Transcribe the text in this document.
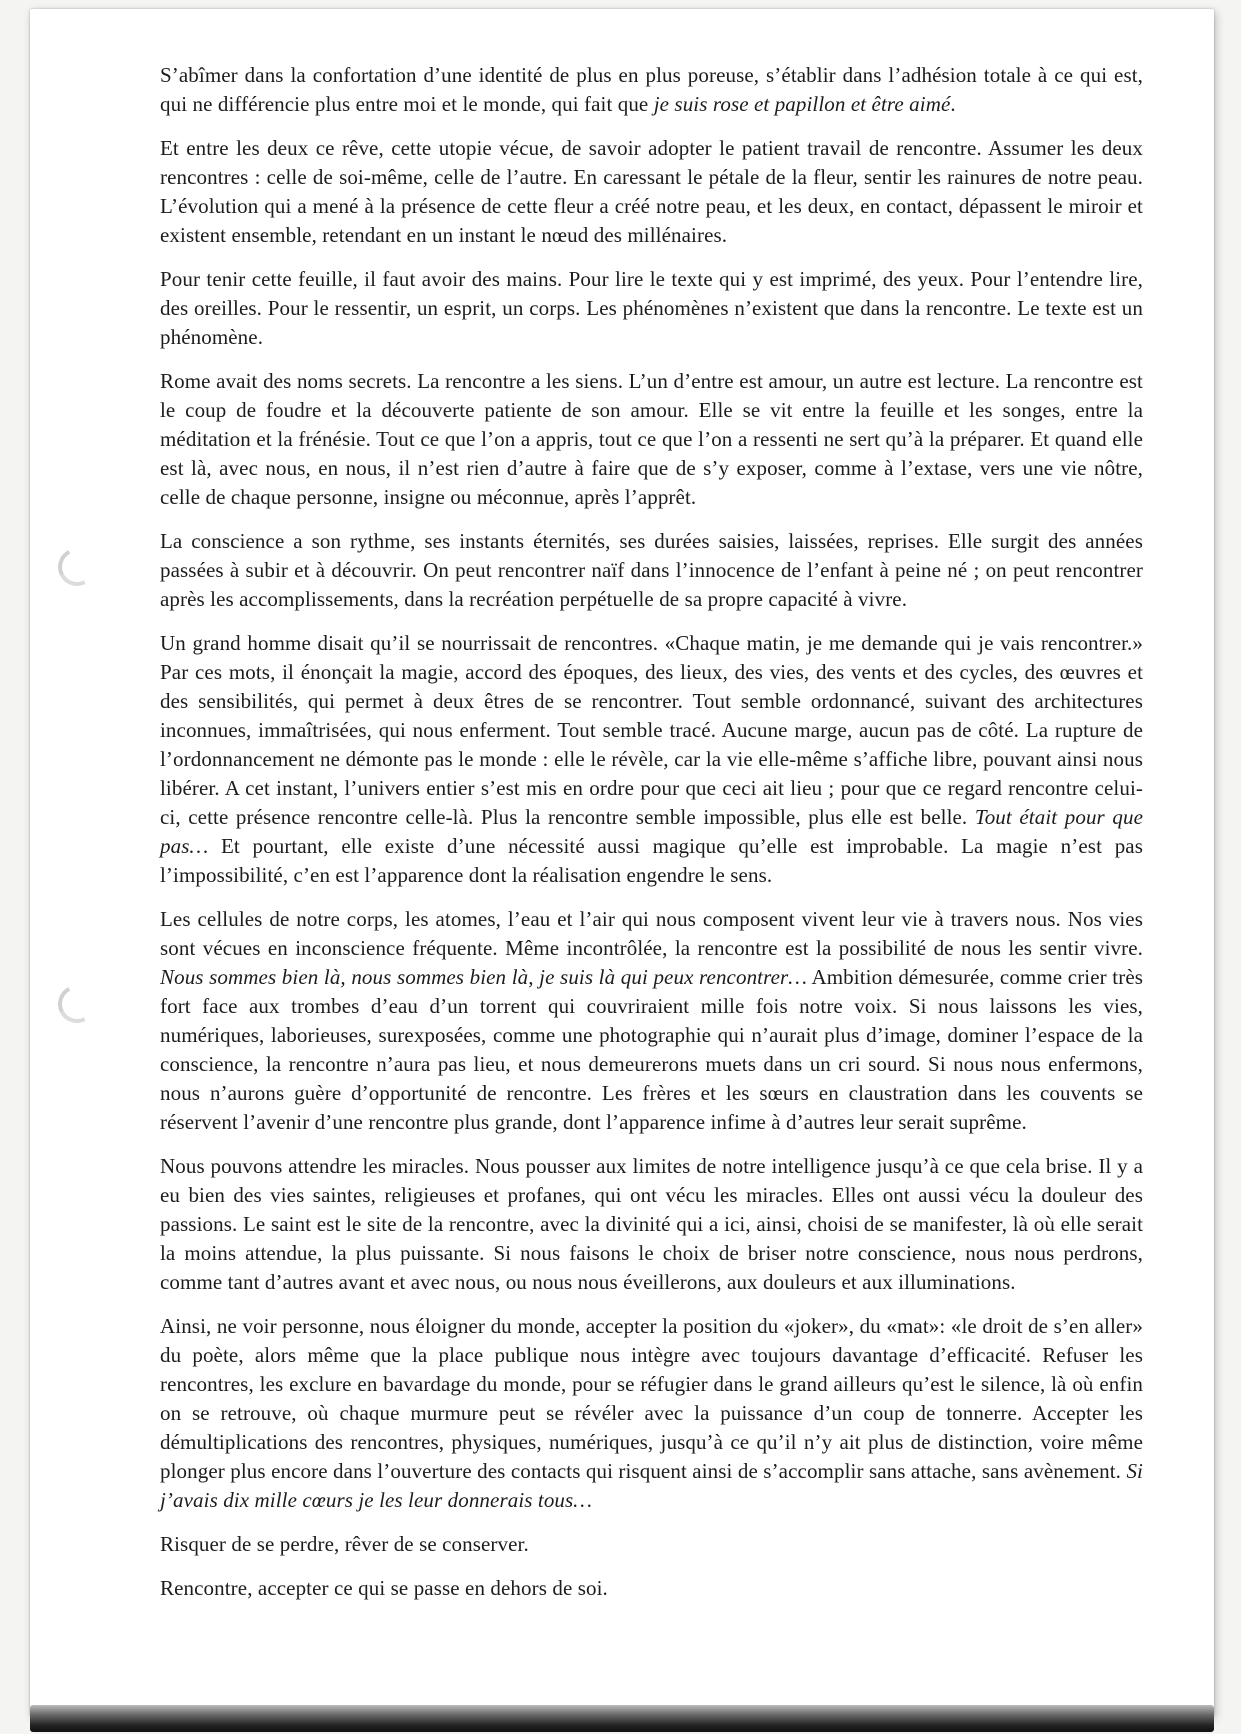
S’abîmer dans la confortation d’une identité de plus en plus poreuse, s’établir dans l’adhésion totale à ce qui est, qui ne différencie plus entre moi et le monde, qui fait que je suis rose et papillon et être aimé.

Et entre les deux ce rêve, cette utopie vécue, de savoir adopter le patient travail de rencontre. Assumer les deux rencontres : celle de soi-même, celle de l’autre. En caressant le pétale de la fleur, sentir les rainures de notre peau. L’évolution qui a mené à la présence de cette fleur a créé notre peau, et les deux, en contact, dépassent le miroir et existent ensemble, retendant en un instant le nœud des millénaires.

Pour tenir cette feuille, il faut avoir des mains. Pour lire le texte qui y est imprimé, des yeux. Pour l’entendre lire, des oreilles. Pour le ressentir, un esprit, un corps. Les phénomènes n’existent que dans la rencontre. Le texte est un phénomène.

Rome avait des noms secrets. La rencontre a les siens. L’un d’entre est amour, un autre est lecture. La rencontre est le coup de foudre et la découverte patiente de son amour. Elle se vit entre la feuille et les songes, entre la méditation et la frénésie. Tout ce que l’on a appris, tout ce que l’on a ressenti ne sert qu’à la préparer. Et quand elle est là, avec nous, en nous, il n’est rien d’autre à faire que de s’y exposer, comme à l’extase, vers une vie nôtre, celle de chaque personne, insigne ou méconnue, après l’apprêt.

La conscience a son rythme, ses instants éternités, ses durées saisies, laissées, reprises. Elle surgit des années passées à subir et à découvrir. On peut rencontrer naïf dans l’innocence de l’enfant à peine né ; on peut rencontrer après les accomplissements, dans la recréation perpétuelle de sa propre capacité à vivre.

Un grand homme disait qu’il se nourrissait de rencontres. «Chaque matin, je me demande qui je vais rencontrer.» Par ces mots, il énonçait la magie, accord des époques, des lieux, des vies, des vents et des cycles, des œuvres et des sensibilités, qui permet à deux êtres de se rencontrer. Tout semble ordonnancé, suivant des architectures inconnues, immaîtrisées, qui nous enferment. Tout semble tracé. Aucune marge, aucun pas de côté. La rupture de l’ordonnancement ne démonte pas le monde : elle le révèle, car la vie elle-même s’affiche libre, pouvant ainsi nous libérer. A cet instant, l’univers entier s’est mis en ordre pour que ceci ait lieu ; pour que ce regard rencontre celui-ci, cette présence rencontre celle-là. Plus la rencontre semble impossible, plus elle est belle. Tout était pour que pas… Et pourtant, elle existe d’une nécessité aussi magique qu’elle est improbable. La magie n’est pas l’impossibilité, c’en est l’apparence dont la réalisation engendre le sens.

Les cellules de notre corps, les atomes, l’eau et l’air qui nous composent vivent leur vie à travers nous. Nos vies sont vécues en inconscience fréquente. Même incontrôlée, la rencontre est la possibilité de nous les sentir vivre. Nous sommes bien là, nous sommes bien là, je suis là qui peux rencontrer… Ambition démesurée, comme crier très fort face aux trombes d’eau d’un torrent qui couvriraient mille fois notre voix. Si nous laissons les vies, numériques, laborieuses, surexposées, comme une photographie qui n’aurait plus d’image, dominer l’espace de la conscience, la rencontre n’aura pas lieu, et nous demeurerons muets dans un cri sourd. Si nous nous enfermons, nous n’aurons guère d’opportunité de rencontre. Les frères et les sœurs en claustration dans les couvents se réservent l’avenir d’une rencontre plus grande, dont l’apparence infime à d’autres leur serait suprême.

Nous pouvons attendre les miracles. Nous pousser aux limites de notre intelligence jusqu’à ce que cela brise. Il y a eu bien des vies saintes, religieuses et profanes, qui ont vécu les miracles. Elles ont aussi vécu la douleur des passions. Le saint est le site de la rencontre, avec la divinité qui a ici, ainsi, choisi de se manifester, là où elle serait la moins attendue, la plus puissante. Si nous faisons le choix de briser notre conscience, nous nous perdrons, comme tant d’autres avant et avec nous, ou nous nous éveillerons, aux douleurs et aux illuminations.

Ainsi, ne voir personne, nous éloigner du monde, accepter la position du «joker», du «mat»: «le droit de s’en aller» du poète, alors même que la place publique nous intègre avec toujours davantage d’efficacité. Refuser les rencontres, les exclure en bavardage du monde, pour se réfugier dans le grand ailleurs qu’est le silence, là où enfin on se retrouve, où chaque murmure peut se révéler avec la puissance d’un coup de tonnerre. Accepter les démultiplications des rencontres, physiques, numériques, jusqu’à ce qu’il n’y ait plus de distinction, voire même plonger plus encore dans l’ouverture des contacts qui risquent ainsi de s’accomplir sans attache, sans avènement. Si j’avais dix mille cœurs je les leur donnerais tous…

Risquer de se perdre, rêver de se conserver.

Rencontre, accepter ce qui se passe en dehors de soi.
